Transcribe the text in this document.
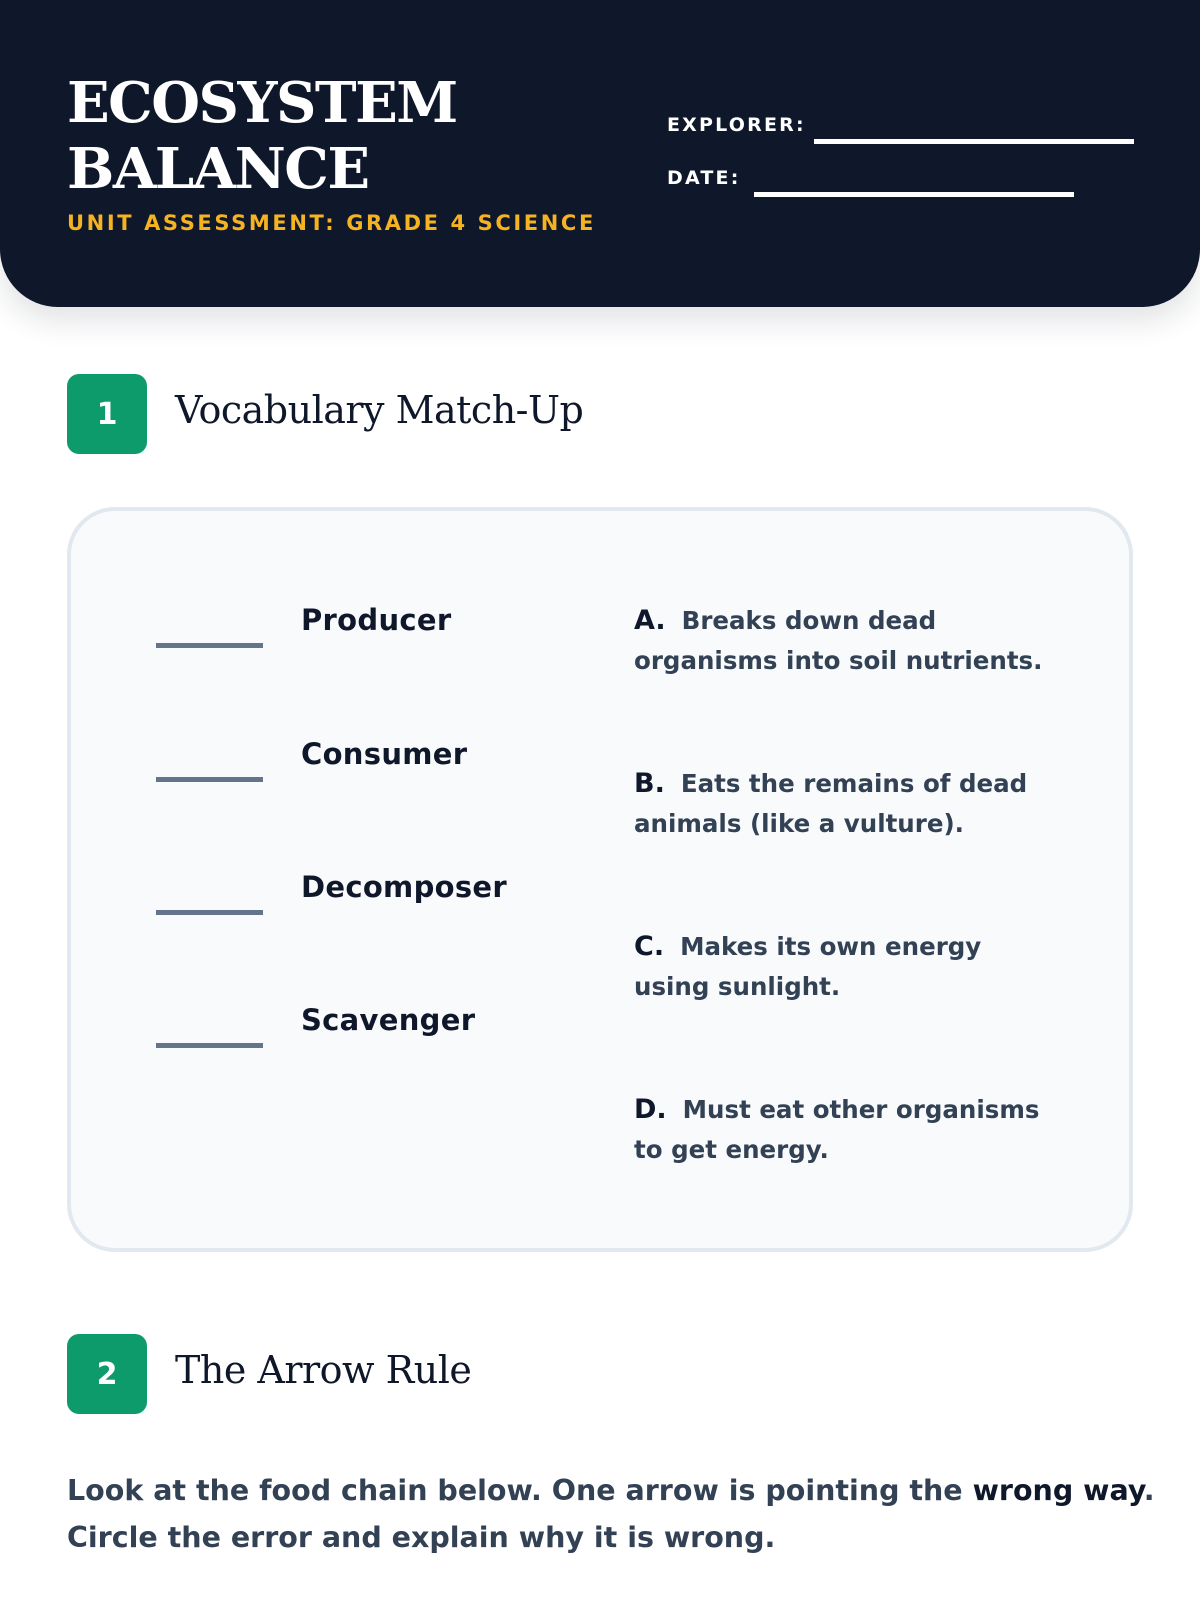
ECOSYSTEM
BALANCE
UNIT ASSESSMENT: GRADE 4 SCIENCE
EXPLORER:
DATE:
1	Vocabulary Match-Up
Producer
Consumer
Decomposer
Scavenger
A. Breaks down dead organisms into soil nutrients.
B. Eats the remains of dead animals (like a vulture).
C. Makes its own energy using sunlight.
D. Must eat other organisms to get energy.
2	The Arrow Rule
Look at the food chain below. One arrow is pointing the wrong way. Circle the error and explain why it is wrong.
